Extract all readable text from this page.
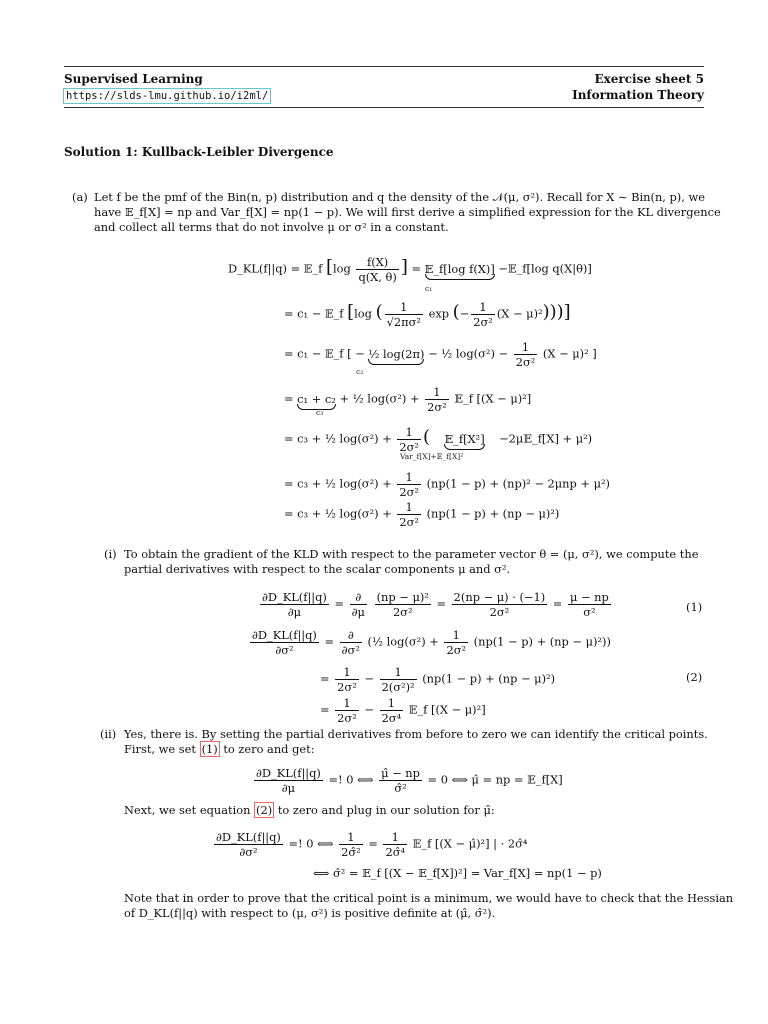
Supervised Learning
https://slds-lmu.github.io/i2ml/
Exercise sheet 5
Information Theory
Solution 1: Kullback-Leibler Divergence
(a) Let f be the pmf of the Bin(n, p) distribution and q the density of the 𝒩(μ, σ²). Recall for X ∼ Bin(n, p), we
have 𝔼_f[X] = np and Var_f[X] = np(1 − p). We will first derive a simplified expression for the KL divergence
and collect all terms that do not involve μ or σ² in a constant.
D_KL(f||q) = 𝔼_f [$\log \frac{f(X)}{q(X, \theta)}$ ] = 𝔼_f[log f(X)] −𝔼_f[log q(X|θ)]
c₁
= c₁ − 𝔼_f [log ( $\frac{1}{\text{√2πσ²}}$ exp (− $\frac{1}{\text{2σ²}} (X - \mu)^2$)))]
= c₁ − 𝔼_f [ − ½ log(2π) − ½ $\log(\sigma^2) - \frac{1}{\text{2σ²}} (X - \mu)^2$ ]
c₂
= c₁ + c₂ + ½ $\log(\sigma^2) + \frac{1}{\text{2σ²}}$ 𝔼_f [(X − μ)²]
c₃
= c₃ + ½ $\log(\sigma^2) + \frac{1}{\text{2σ²}}$ ( 𝔼_f[X²] −2μ𝔼_f[X] + μ²)
Var_f[X]+𝔼_f[X]²
= c₃ + ½ $\log(\sigma^2) + \frac{1}{\text{2σ²}} (np(1 - p) + (np)^2 - 2\mu np + \mu^2)$
= c₃ + ½ $\log(\sigma^2) + \frac{1}{\text{2σ²}} (np(1 - p) + (np - \mu)^2)$
(i) To obtain the gradient of the KLD with respect to the parameter vector θ = (μ, σ²), we compute the
partial derivatives with respect to the scalar components μ and σ².
$\frac{\partial D\_KL(f||q)}{\partial\mu} = \frac{\partial}{\partial\mu}$
$\frac{\text{(np − μ)²}}{\text{2σ²}} = \frac{2(np - \mu) \cdot (-1)}{\text{2σ²}} = \frac{\mu - np}{\text{σ²}}$	(1)
$\frac{\partial D\_KL(f||q)}{\text{∂σ²}} = \frac{\partial}{\text{∂σ²}}$ (½ $\log(\sigma^2) + \frac{1}{\text{2σ²}} (np(1 - p) + (np - \mu)^2)$)
= $\frac{1}{\text{2σ²}} - \frac{1}{\text{2(σ²)²}} (np(1 - p) + (np - \mu)^2)$	(2)
= $\frac{1}{\text{2σ²}} - \frac{1}{\text{2σ⁴}}$ 𝔼_f [(X − μ)²]
(ii) Yes, there is. By setting the partial derivatives from before to zero we can identify the critical points.
First, we set (1) to zero and get:
$\frac{\partial D\_KL(f||q)}{\partial\mu}$ =! 0 ⟺ $\frac{\mû - np}{\text{σ̂²}} = 0$ ⟺ μ̂ = np = 𝔼_f[X]
Next, we set equation (2) to zero and plug in our solution for μ̂:
$\frac{\partial D\_KL(f||q)}{\text{∂σ²}}$ =! 0 ⟺ $\frac{1}{\text{2σ̂²}} = \frac{1}{\text{2σ̂⁴}}$ 𝔼_f [(X − μ̂)²] | · 2σ̂⁴
⟺ σ̂² = 𝔼_f [(X − 𝔼_f[X])²] = Var_f[X] = np(1 − p)
Note that in order to prove that the critical point is a minimum, we would have to check that the Hessian
of D_KL(f||q) with respect to (μ, σ²) is positive definite at (μ̂, σ̂²).
